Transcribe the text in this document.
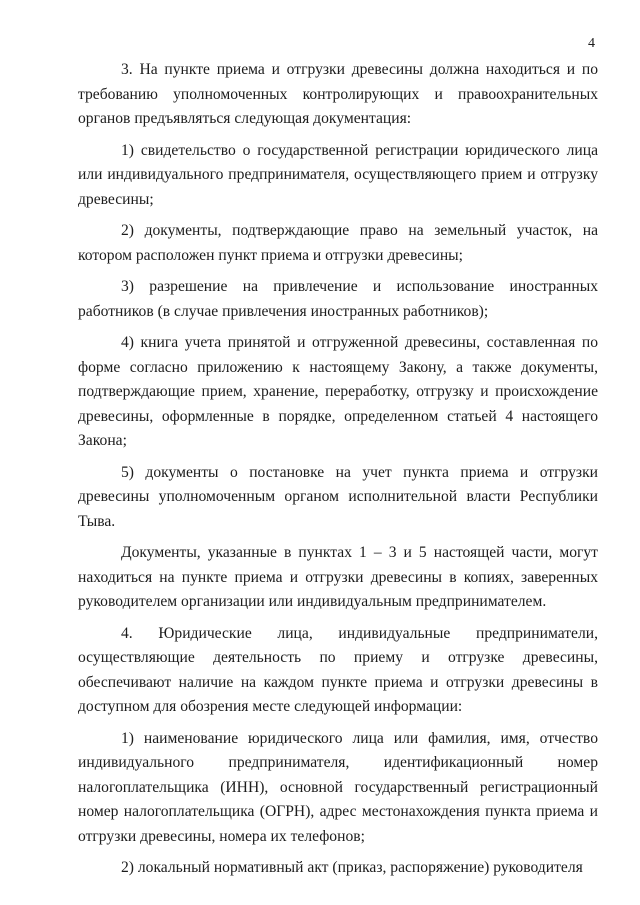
4

3. На пункте приема и отгрузки древесины должна находиться и по требованию уполномоченных контролирующих и правоохранительных органов предъявляться следующая документация:

1) свидетельство о государственной регистрации юридического лица или индивидуального предпринимателя, осуществляющего прием и отгрузку древесины;

2) документы, подтверждающие право на земельный участок, на котором расположен пункт приема и отгрузки древесины;

3) разрешение на привлечение и использование иностранных работников (в случае привлечения иностранных работников);

4) книга учета принятой и отгруженной древесины, составленная по форме согласно приложению к настоящему Закону, а также документы, подтверждающие прием, хранение, переработку, отгрузку и происхождение древесины, оформленные в порядке, определенном статьей 4 настоящего Закона;

5) документы о постановке на учет пункта приема и отгрузки древесины уполномоченным органом исполнительной власти Республики Тыва.

Документы, указанные в пунктах 1 – 3 и 5 настоящей части, могут находиться на пункте приема и отгрузки древесины в копиях, заверенных руководителем организации или индивидуальным предпринимателем.

4. Юридические лица, индивидуальные предприниматели, осуществляющие деятельность по приему и отгрузке древесины, обеспечивают наличие на каждом пункте приема и отгрузки древесины в доступном для обозрения месте следующей информации:

1) наименование юридического лица или фамилия, имя, отчество индивидуального предпринимателя, идентификационный номер налогоплательщика (ИНН), основной государственный регистрационный номер налогоплательщика (ОГРН), адрес местонахождения пункта приема и отгрузки древесины, номера их телефонов;

2) локальный нормативный акт (приказ, распоряжение) руководителя
